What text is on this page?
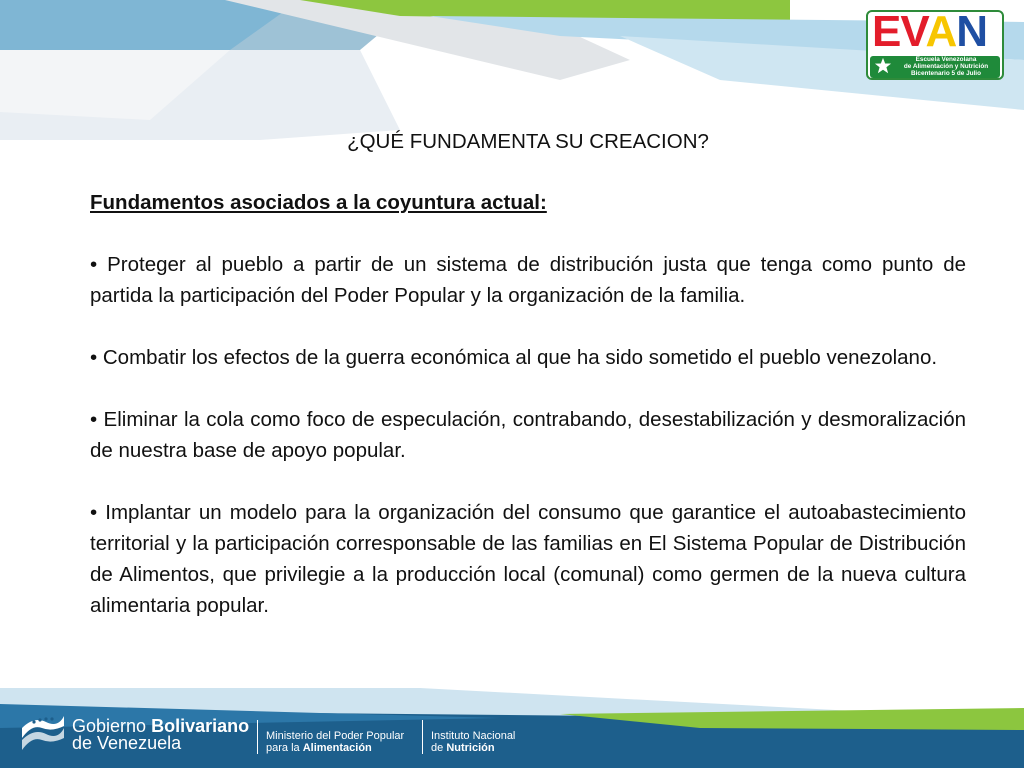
EVAN
EVAN
Escuela Venezolana
de Alimentación y Nutrición
Bicentenario 5 de Julio

¿QUÉ FUNDAMENTA SU CREACION?

Fundamentos asociados a la coyuntura actual:

• Proteger al pueblo a partir de un sistema de distribución justa que tenga como punto de partida la participación del Poder Popular y la organización de la familia.

• Combatir los efectos de la guerra económica al que ha sido sometido el pueblo venezolano.

• Eliminar la cola como foco de especulación, contrabando, desestabilización y desmoralización de nuestra base de apoyo popular.

• Implantar un modelo para la organización del consumo que garantice el autoabastecimiento territorial y la participación corresponsable de las familias en El Sistema Popular de Distribución de Alimentos, que privilegie a la producción local (comunal) como germen de la nueva cultura alimentaria popular.

Gobierno Bolivariano
de Venezuela	Ministerio del Poder Popular
para la Alimentación
Instituto Nacional
de Nutrición
